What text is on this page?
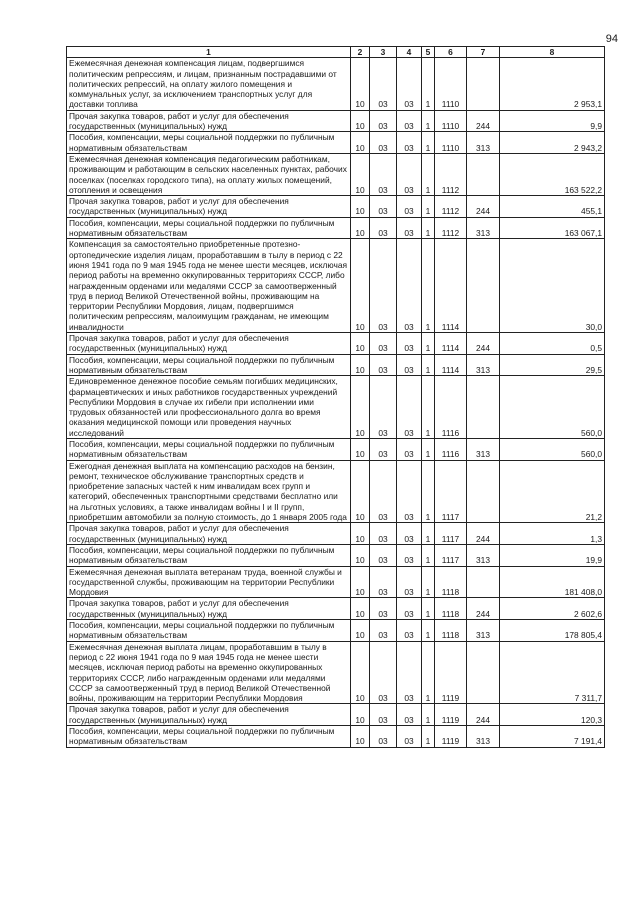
94
1	2	3	4	5	6	7	8
Ежемесячная денежная компенсация лицам, подвергшимся политическим репрессиям, и лицам, признанным пострадавшими от политических репрессий, на оплату жилого помещения и коммунальных услуг, за исключением транспортных услуг для доставки топлива	10	03	03	1	1110		2 953,1
Прочая закупка товаров, работ и услуг для обеспечения государственных (муниципальных) нужд	10	03	03	1	1110	244	9,9
Пособия, компенсации, меры социальной поддержки по публичным нормативным обязательствам	10	03	03	1	1110	313	2 943,2
Ежемесячная денежная компенсация педагогическим работникам, проживающим и работающим в сельских населенных пунктах, рабочих поселках (поселках городского типа), на оплату жилых помещений, отопления и освещения	10	03	03	1	1112		163 522,2
Прочая закупка товаров, работ и услуг для обеспечения государственных (муниципальных) нужд	10	03	03	1	1112	244	455,1
Пособия, компенсации, меры социальной поддержки по публичным нормативным обязательствам	10	03	03	1	1112	313	163 067,1
Компенсация за самостоятельно приобретенные протезно-ортопедические изделия лицам, проработавшим в тылу в период с 22 июня 1941 года по 9 мая 1945 года не менее шести месяцев, исключая период работы на временно оккупированных территориях СССР, либо награжденным орденами или медалями СССР за самоотверженный труд в период Великой Отечественной войны, проживающим на территории Республики Мордовия, лицам, подвергшимся политическим репрессиям, малоимущим гражданам, не имеющим инвалидности	10	03	03	1	1114		30,0
Прочая закупка товаров, работ и услуг для обеспечения государственных (муниципальных) нужд	10	03	03	1	1114	244	0,5
Пособия, компенсации, меры социальной поддержки по публичным нормативным обязательствам	10	03	03	1	1114	313	29,5
Единовременное денежное пособие семьям погибших медицинских, фармацевтических и иных работников государственных учреждений Республики Мордовия в случае их гибели при исполнении ими трудовых обязанностей или профессионального долга во время оказания медицинской помощи или проведения научных исследований	10	03	03	1	1116		560,0
Пособия, компенсации, меры социальной поддержки по публичным нормативным обязательствам	10	03	03	1	1116	313	560,0
Ежегодная денежная выплата на компенсацию расходов на бензин, ремонт, техническое обслуживание транспортных средств и приобретение запасных частей к ним инвалидам всех групп и категорий, обеспеченных транспортными средствами бесплатно или на льготных условиях, а также инвалидам войны I и II групп, приобретшим автомобили за полную стоимость, до 1 января 2005 года	10	03	03	1	1117		21,2
Прочая закупка товаров, работ и услуг для обеспечения государственных (муниципальных) нужд	10	03	03	1	1117	244	1,3
Пособия, компенсации, меры социальной поддержки по публичным нормативным обязательствам	10	03	03	1	1117	313	19,9
Ежемесячная денежная выплата ветеранам труда, военной службы и государственной службы, проживающим на территории Республики Мордовия	10	03	03	1	1118		181 408,0
Прочая закупка товаров, работ и услуг для обеспечения государственных (муниципальных) нужд	10	03	03	1	1118	244	2 602,6
Пособия, компенсации, меры социальной поддержки по публичным нормативным обязательствам	10	03	03	1	1118	313	178 805,4
Ежемесячная денежная выплата лицам, проработавшим в тылу в период с 22 июня 1941 года по 9 мая 1945 года не менее шести месяцев, исключая период работы на временно оккупированных территориях СССР, либо награжденным орденами или медалями СССР за самоотверженный труд в период Великой Отечественной войны, проживающим на территории Республики Мордовия	10	03	03	1	1119		7 311,7
Прочая закупка товаров, работ и услуг для обеспечения государственных (муниципальных) нужд	10	03	03	1	1119	244	120,3
Пособия, компенсации, меры социальной поддержки по публичным нормативным обязательствам	10	03	03	1	1119	313	7 191,4
